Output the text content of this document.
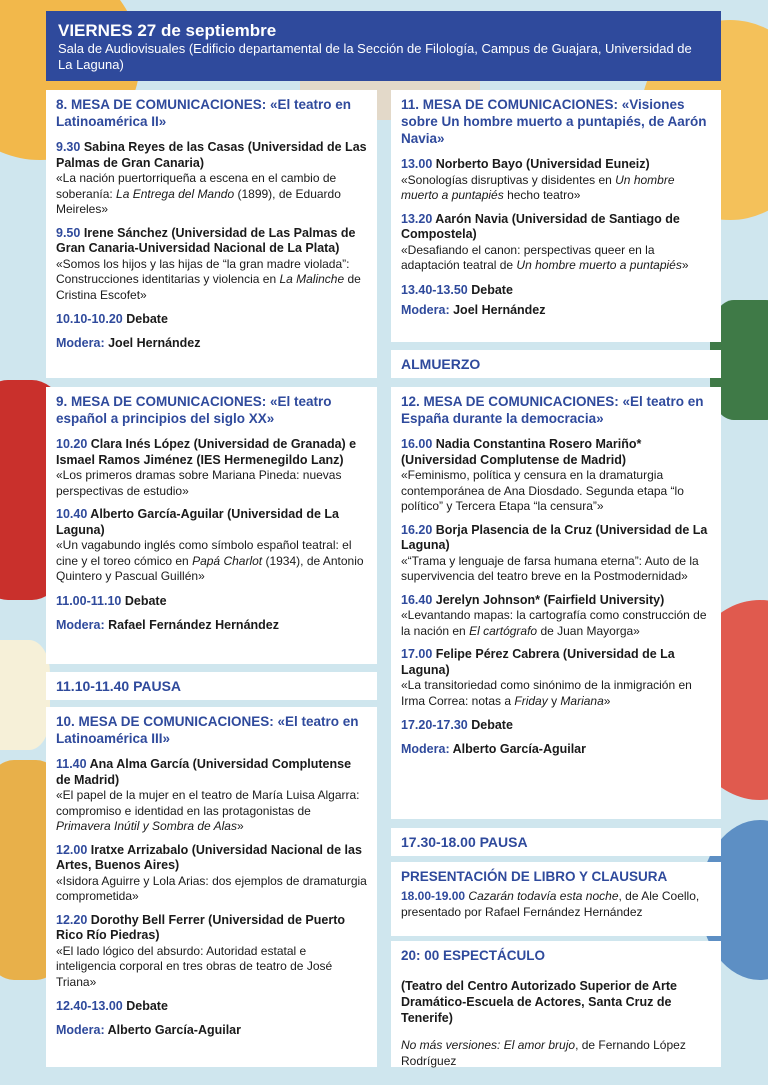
VIERNES 27 de septiembre
Sala de Audiovisuales (Edificio departamental de la Sección de Filología, Campus de Guajara, Universidad de La Laguna)
8. MESA DE COMUNICACIONES: «El teatro en Latinoamérica II»
9.30 Sabina Reyes de las Casas (Universidad de Las Palmas de Gran Canaria)
«La nación puertorriqueña a escena en el cambio de soberanía: La Entrega del Mando (1899), de Eduardo Meireles»
9.50 Irene Sánchez (Universidad de Las Palmas de Gran Canaria-Universidad Nacional de La Plata)
«Somos los hijos y las hijas de “la gran madre violada”: Construcciones identitarias y violencia en La Malinche de Cristina Escofet»
10.10-10.20 Debate
Modera: Joel Hernández
9. MESA DE COMUNICACIONES: «El teatro español a principios del siglo XX»
10.20 Clara Inés López (Universidad de Granada) e Ismael Ramos Jiménez (IES Hermenegildo Lanz)
«Los primeros dramas sobre Mariana Pineda: nuevas perspectivas de estudio»
10.40 Alberto García-Aguilar (Universidad de La Laguna)
«Un vagabundo inglés como símbolo español teatral: el cine y el toreo cómico en Papá Charlot (1934), de Antonio Quintero y Pascual Guillén»
11.00-11.10 Debate
Modera: Rafael Fernández Hernández
11.10-11.40 PAUSA
10. MESA DE COMUNICACIONES: «El teatro en Latinoamérica III»
11.40 Ana Alma García (Universidad Complutense de Madrid)
«El papel de la mujer en el teatro de María Luisa Algarra: compromiso e identidad en las protagonistas de Primavera Inútil y Sombra de Alas»
12.00 Iratxe Arrizabalo (Universidad Nacional de las Artes, Buenos Aires)
«Isidora Aguirre y Lola Arias: dos ejemplos de dramaturgia comprometida»
12.20 Dorothy Bell Ferrer (Universidad de Puerto Rico Río Piedras)
«El lado lógico del absurdo: Autoridad estatal e inteligencia corporal en tres obras de teatro de José Triana»
12.40-13.00 Debate
Modera: Alberto García-Aguilar
11. MESA DE COMUNICACIONES: «Visiones sobre Un hombre muerto a puntapiés, de Aarón Navia»
13.00 Norberto Bayo (Universidad Euneiz)
«Sonologías disruptivas y disidentes en Un hombre muerto a puntapiés hecho teatro»
13.20 Aarón Navia (Universidad de Santiago de Compostela)
«Desafiando el canon: perspectivas queer en la adaptación teatral de Un hombre muerto a puntapiés»
13.40-13.50 Debate
Modera: Joel Hernández
ALMUERZO
12. MESA DE COMUNICACIONES: «El teatro en España durante la democracia»
16.00 Nadia Constantina Rosero Mariño* (Universidad Complutense de Madrid)
«Feminismo, política y censura en la dramaturgia contemporánea de Ana Diosdado. Segunda etapa “lo político” y Tercera Etapa “la censura”»
16.20 Borja Plasencia de la Cruz (Universidad de La Laguna)
«“Trama y lenguaje de farsa humana eterna”: Auto de la supervivencia del teatro breve en la Postmodernidad»
16.40 Jerelyn Johnson* (Fairfield University)
«Levantando mapas: la cartografía como construcción de la nación en El cartógrafo de Juan Mayorga»
17.00 Felipe Pérez Cabrera (Universidad de La Laguna)
«La transitoriedad como sinónimo de la inmigración en Irma Correa: notas a Friday y Mariana»
17.20-17.30 Debate
Modera: Alberto García-Aguilar
17.30-18.00 PAUSA
PRESENTACIÓN DE LIBRO Y CLAUSURA
18.00-19.00 Cazarán todavía esta noche, de Ale Coello, presentado por Rafael Fernández Hernández
20: 00 ESPECTÁCULO
(Teatro del Centro Autorizado Superior de Arte Dramático-Escuela de Actores, Santa Cruz de Tenerife)
No más versiones: El amor brujo, de Fernando López Rodríguez
